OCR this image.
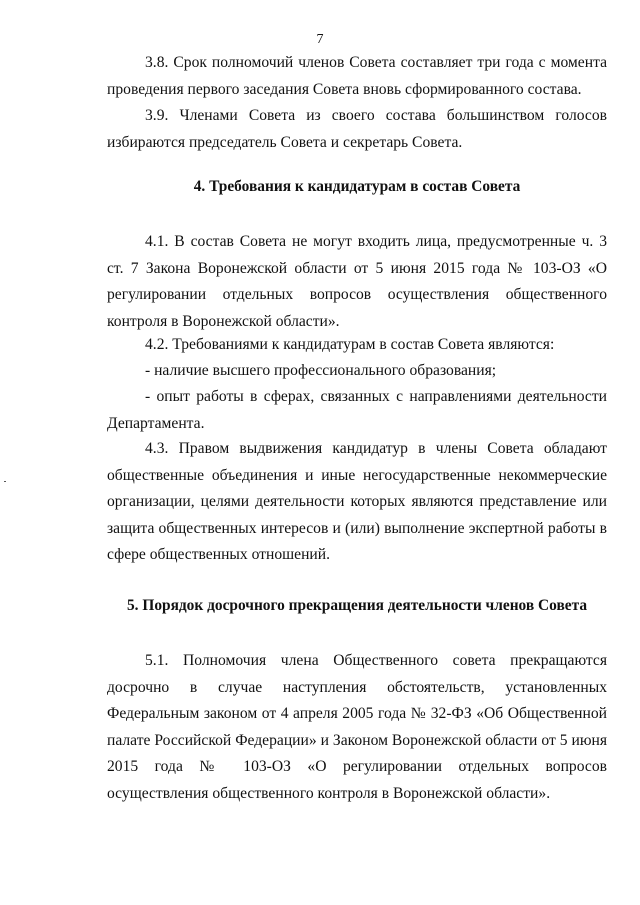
7

3.8. Срок полномочий членов Совета составляет три года с момента проведения первого заседания Совета вновь сформированного состава.

3.9. Членами Совета из своего состава большинством голосов избираются председатель Совета и секретарь Совета.

4. Требования к кандидатурам в состав Совета

4.1. В состав Совета не могут входить лица, предусмотренные ч. 3 ст. 7 Закона Воронежской области от 5 июня 2015 года № 103-ОЗ «О регулировании отдельных вопросов осуществления общественного контроля в Воронежской области».

4.2. Требованиями к кандидатурам в состав Совета являются:

- наличие высшего профессионального образования;

- опыт работы в сферах, связанных с направлениями деятельности Департамента.

4.3. Правом выдвижения кандидатур в члены Совета обладают общественные объединения и иные негосударственные некоммерческие организации, целями деятельности которых являются представление или защита общественных интересов и (или) выполнение экспертной работы в сфере общественных отношений.

5. Порядок досрочного прекращения деятельности членов Совета

5.1. Полномочия члена Общественного совета прекращаются досрочно в случае наступления обстоятельств, установленных Федеральным законом от 4 апреля 2005 года № 32-ФЗ «Об Общественной палате Российской Федерации» и Законом Воронежской области от 5 июня 2015 года № 103-ОЗ «О регулировании отдельных вопросов осуществления общественного контроля в Воронежской области».
